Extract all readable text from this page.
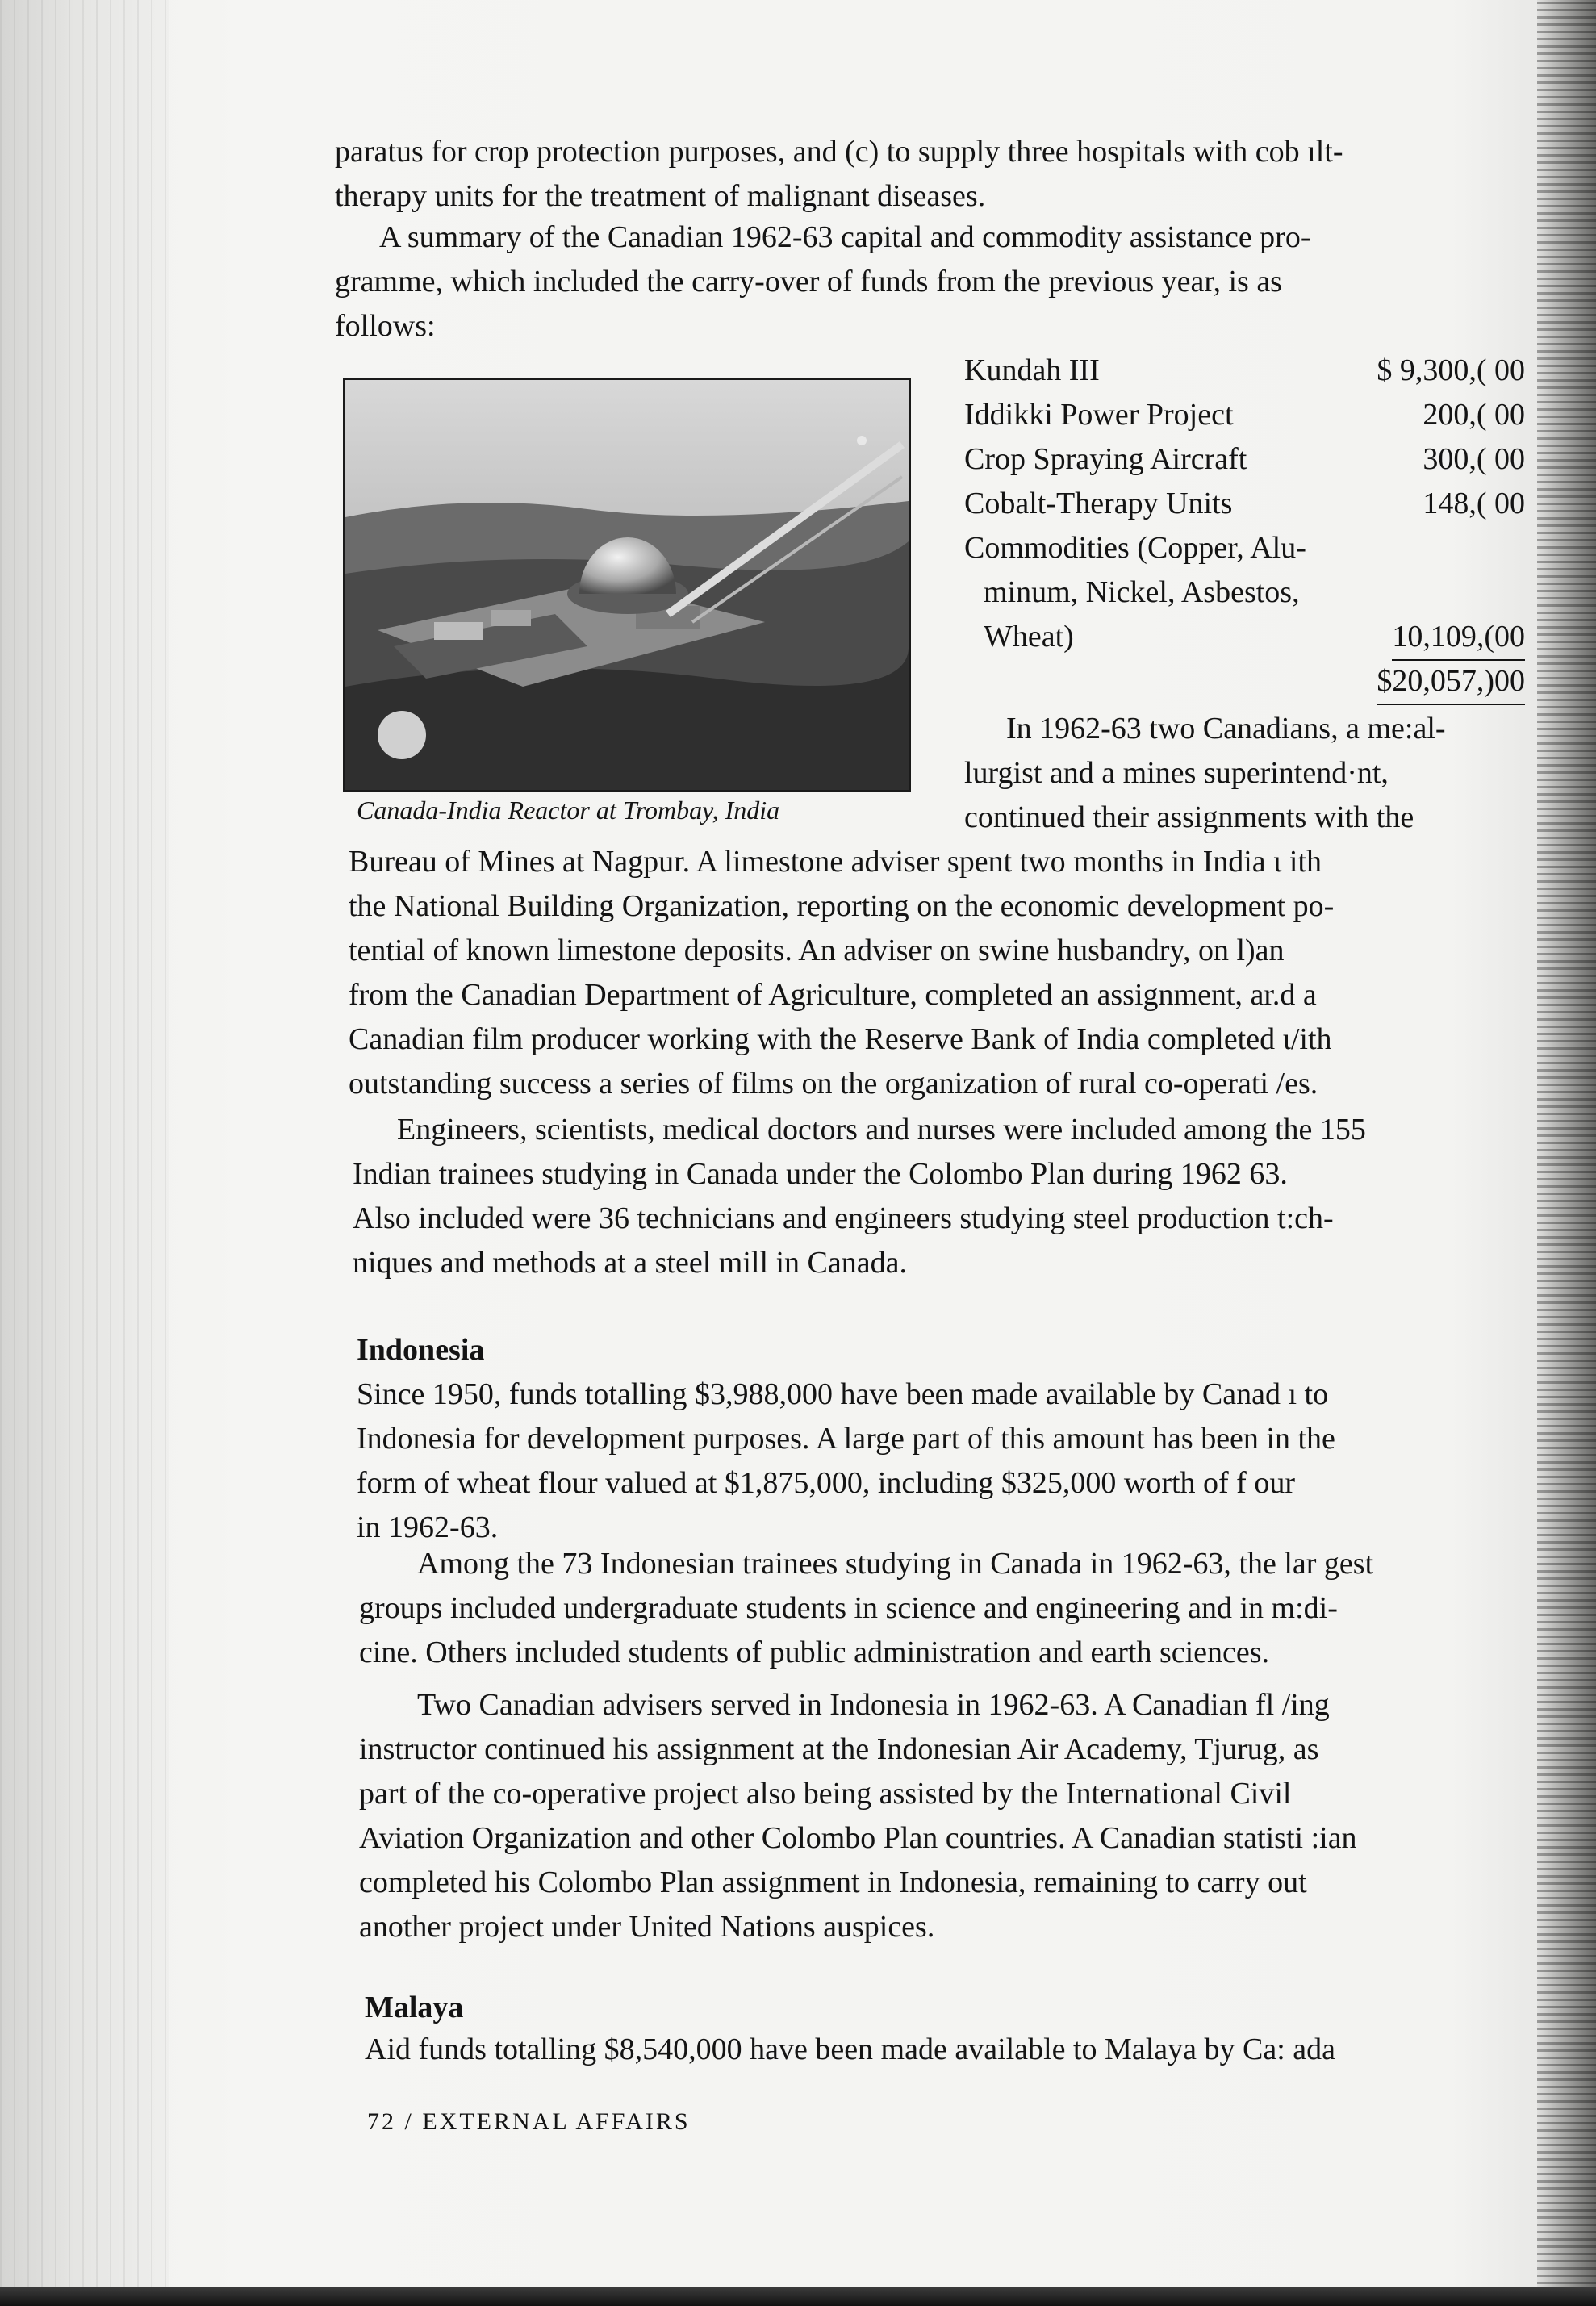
paratus for crop protection purposes, and (c) to supply three hospitals with cob ılt-
therapy units for the treatment of malignant diseases.
A summary of the Canadian 1962-63 capital and commodity assistance pro-
gramme, which included the carry-over of funds from the previous year, is as
follows:
Canada-India Reactor at Trombay, India
Kundah III	$ 9,300,( 00
Iddikki Power Project	200,( 00
Crop Spraying Aircraft	300,( 00
Cobalt-Therapy Units	148,( 00
Commodities (Copper, Alu-
minum, Nickel, Asbestos,
Wheat)	10,109,(00
$20,057,)00
In 1962-63 two Canadians, a me:al-
lurgist and a mines superintend·nt,
continued their assignments with the
Bureau of Mines at Nagpur. A limestone adviser spent two months in India ι ith
the National Building Organization, reporting on the economic development po-
tential of known limestone deposits. An adviser on swine husbandry, on l)an
from the Canadian Department of Agriculture, completed an assignment, ar.d a
Canadian film producer working with the Reserve Bank of India completed ι/ith
outstanding success a series of films on the organization of rural co-operati /es.
Engineers, scientists, medical doctors and nurses were included among the 155
Indian trainees studying in Canada under the Colombo Plan during 1962 63.
Also included were 36 technicians and engineers studying steel production t:ch-
niques and methods at a steel mill in Canada.
Indonesia
Since 1950, funds totalling $3,988,000 have been made available by Canad ı to
Indonesia for development purposes. A large part of this amount has been in the
form of wheat flour valued at $1,875,000, including $325,000 worth of f our
in 1962-63.
Among the 73 Indonesian trainees studying in Canada in 1962-63, the lar gest
groups included undergraduate students in science and engineering and in m:di-
cine. Others included students of public administration and earth sciences.
Two Canadian advisers served in Indonesia in 1962-63. A Canadian fl /ing
instructor continued his assignment at the Indonesian Air Academy, Tjurug, as
part of the co-operative project also being assisted by the International Civil
Aviation Organization and other Colombo Plan countries. A Canadian statisti :ian
completed his Colombo Plan assignment in Indonesia, remaining to carry out
another project under United Nations auspices.
Malaya
Aid funds totalling $8,540,000 have been made available to Malaya by Ca: ada
72 / EXTERNAL AFFAIRS
